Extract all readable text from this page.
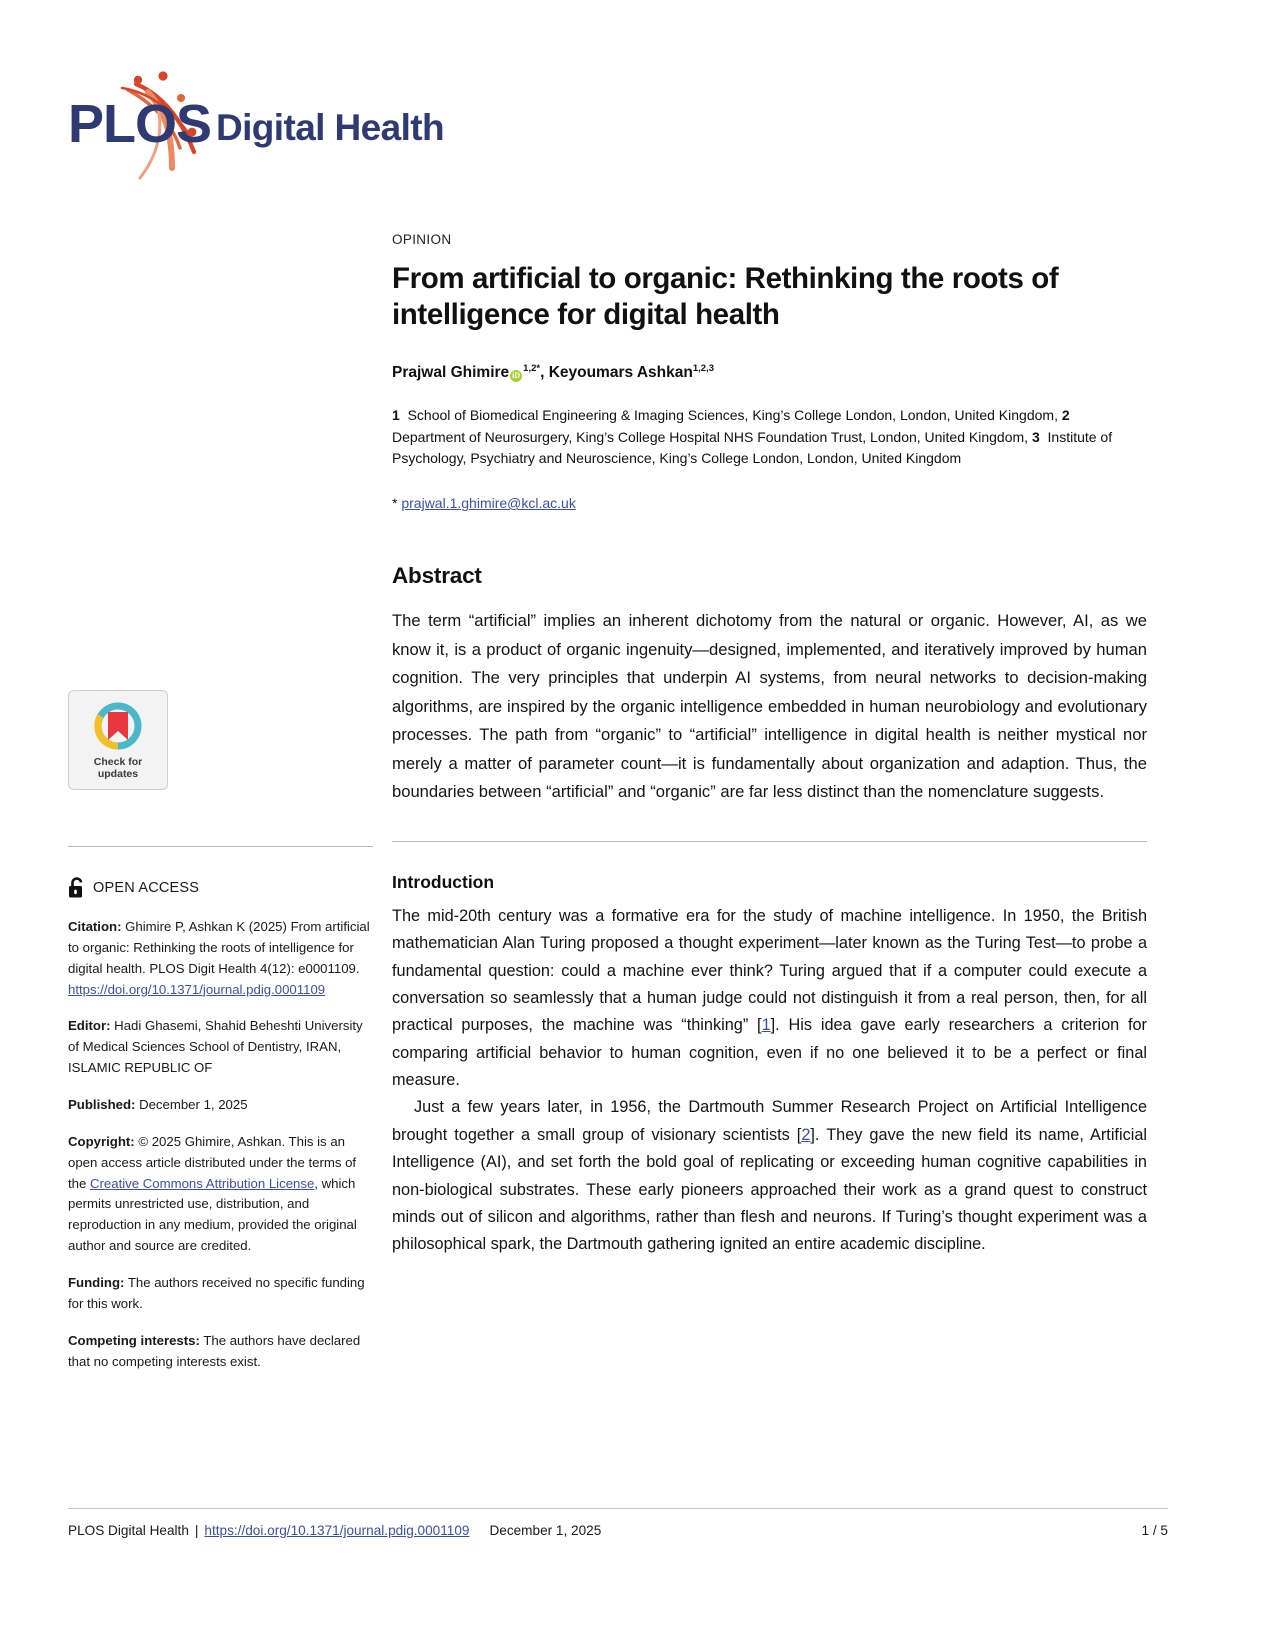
PLOS Digital Health
Check for
updates
OPEN ACCESS

Citation: Ghimire P, Ashkan K (2025) From artificial to organic: Rethinking the roots of intelligence for digital health. PLOS Digit Health 4(12): e0001109. https://doi.org/10.1371/journal.pdig.0001109

Editor: Hadi Ghasemi, Shahid Beheshti University of Medical Sciences School of Dentistry, IRAN, ISLAMIC REPUBLIC OF

Published: December 1, 2025

Copyright: © 2025 Ghimire, Ashkan. This is an open access article distributed under the terms of the Creative Commons Attribution License, which permits unrestricted use, distribution, and reproduction in any medium, provided the original author and source are credited.

Funding: The authors received no specific funding for this work.

Competing interests: The authors have declared that no competing interests exist.

OPINION
From artificial to organic: Rethinking the roots of intelligence for digital health
Prajwal Ghimire $iD^{1,2*}$, Keyoumars Ashkan$^{1,2,3}$
1 School of Biomedical Engineering & Imaging Sciences, King’s College London, London, United Kingdom, 2  Department of Neurosurgery, King’s College Hospital NHS Foundation Trust, London, United Kingdom, 3 Institute of Psychology, Psychiatry and Neuroscience, King’s College London, London, United Kingdom
* prajwal.1.ghimire@kcl.ac.uk
Abstract

The term “artificial” implies an inherent dichotomy from the natural or organic. However, AI, as we know it, is a product of organic ingenuity—designed, implemented, and iteratively improved by human cognition. The very principles that underpin AI systems, from neural networks to decision-making algorithms, are inspired by the organic intelligence embedded in human neurobiology and evolutionary processes. The path from “organic” to “artificial” intelligence in digital health is neither mystical nor merely a matter of parameter count—it is fundamentally about organization and adaption. Thus, the boundaries between “artificial” and “organic” are far less distinct than the nomenclature suggests.

Introduction

The mid-20th century was a formative era for the study of machine intelligence. In 1950, the British mathematician Alan Turing proposed a thought experiment—later known as the Turing Test—to probe a fundamental question: could a machine ever think? Turing argued that if a computer could execute a conversation so seamlessly that a human judge could not distinguish it from a real person, then, for all practical purposes, the machine was “thinking” [1]. His idea gave early researchers a criterion for comparing artificial behavior to human cognition, even if no one believed it to be a perfect or final measure.

Just a few years later, in 1956, the Dartmouth Summer Research Project on Artificial Intelligence brought together a small group of visionary scientists [2]. They gave the new field its name, Artificial Intelligence (AI), and set forth the bold goal of replicating or exceeding human cognitive capabilities in non-biological substrates. These early pioneers approached their work as a grand quest to construct minds out of silicon and algorithms, rather than flesh and neurons. If Turing’s thought experiment was a philosophical spark, the Dartmouth gathering ignited an entire academic discipline.

PLOS Digital Health | https://doi.org/10.1371/journal.pdig.0001109 December 1, 2025	1 / 5
